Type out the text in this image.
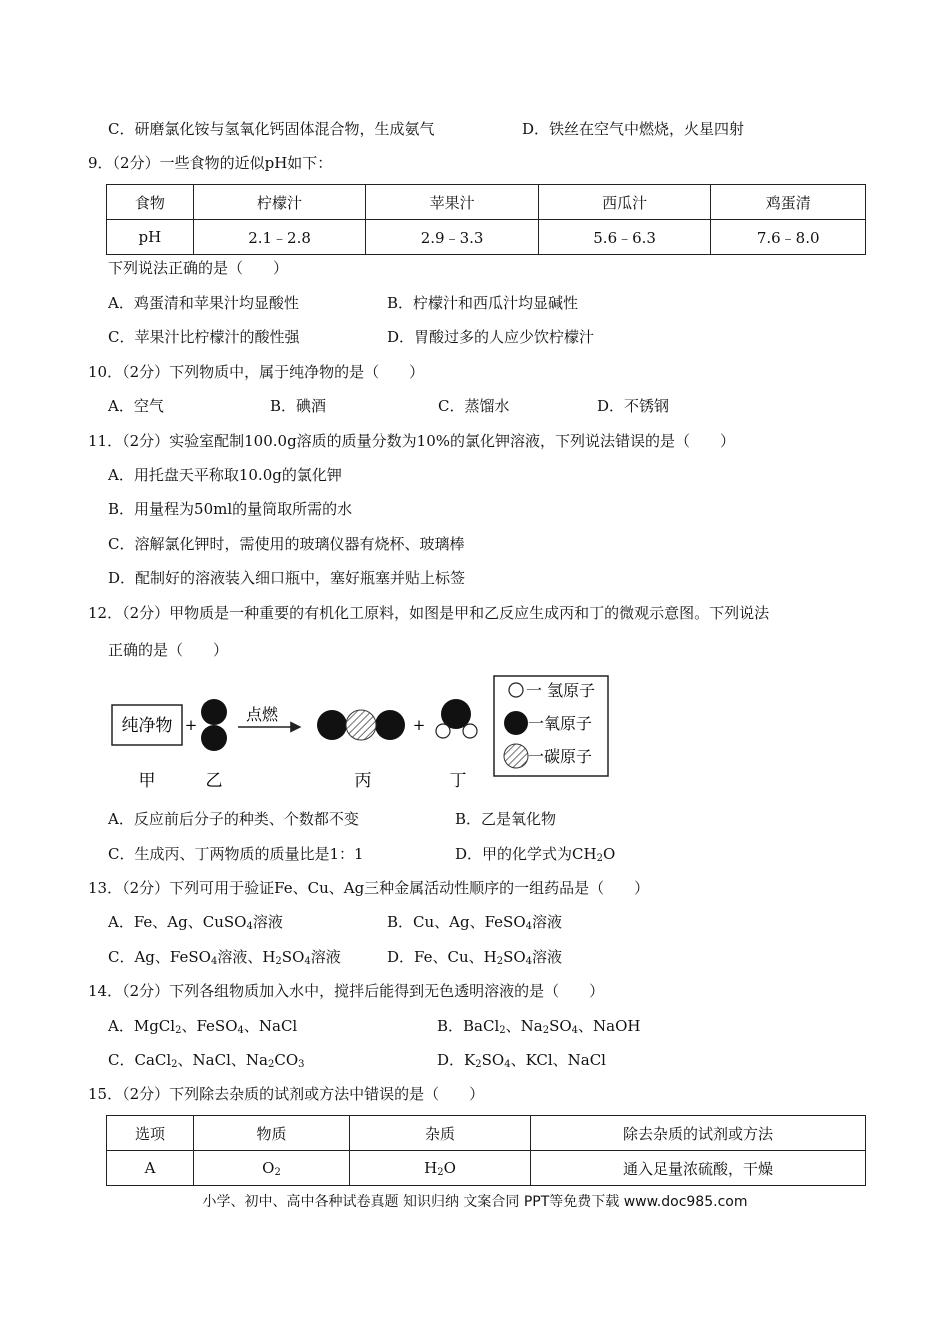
C．研磨氯化铵与氢氧化钙固体混合物，生成氨气	D．铁丝在空气中燃烧，火星四射
9．（2分）一些食物的近似pH如下：
食物	柠檬汁	苹果汁	西瓜汁	鸡蛋清
pH	2.1﹣2.8	2.9﹣3.3	5.6﹣6.3	7.6﹣8.0
下列说法正确的是（　　）
A．鸡蛋清和苹果汁均显酸性	B．柠檬汁和西瓜汁均显碱性
C．苹果汁比柠檬汁的酸性强	D．胃酸过多的人应少饮柠檬汁
10．（2分）下列物质中，属于纯净物的是（　　）
A．空气	B．碘酒	C．蒸馏水	D．不锈钢
11．（2分）实验室配制100.0g溶质的质量分数为10%的氯化钾溶液，下列说法错误的是（　　）
A．用托盘天平称取10.0g的氯化钾
B．用量程为50ml的量筒取所需的水
C．溶解氯化钾时，需使用的玻璃仪器有烧杯、玻璃棒
D．配制好的溶液装入细口瓶中，塞好瓶塞并贴上标签
12．（2分）甲物质是一种重要的有机化工原料，如图是甲和乙反应生成丙和丁的微观示意图。下列说法
正确的是（　　）
纯净物 +
点燃
+
甲	乙	丙	丁
一 氢原子
一氧原子
一碳原子
A．反应前后分子的种类、个数都不变	B．乙是氧化物
C．生成丙、丁两物质的质量比是1：1	D．甲的化学式为$CH_2O$
13．（2分）下列可用于验证Fe、Cu、Ag三种金属活动性顺序的一组药品是（　　）
A．Fe、Ag、CuSO$_4$溶液	B．Cu、Ag、FeSO$_4$溶液
C．Ag、FeSO$_4$溶液、$H_2SO_4$溶液	D．Fe、Cu、$H_2SO_4$溶液
14．（2分）下列各组物质加入水中，搅拌后能得到无色透明溶液的是（　　）
A．MgCl$_2$、FeSO$_4$、NaCl	B．BaCl$_2$、$Na_2SO_4$、NaOH
C．CaCl$_2$、NaCl、$Na_2CO_3$	D．$K_2SO_4$、KCl、NaCl
15．（2分）下列除去杂质的试剂或方法中错误的是（　　）
选项	物质	杂质	除去杂质的试剂或方法
A	$O_2$	$H_2O$	通入足量浓硫酸，干燥
小学、初中、高中各种试卷真题 知识归纳 文案合同 PPT等免费下载 www.doc985.com
